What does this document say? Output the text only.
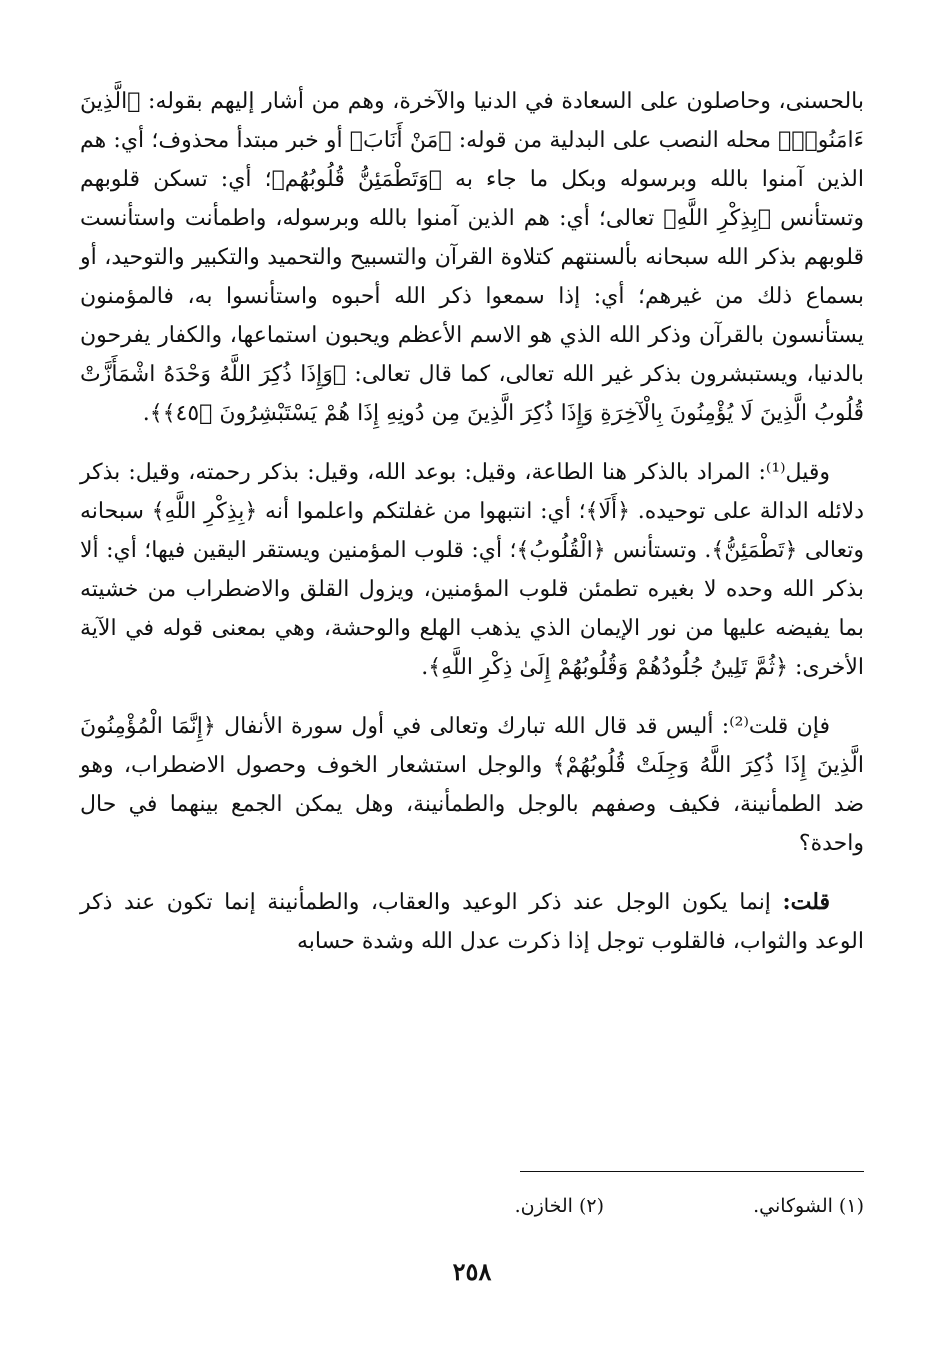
بالحسنى، وحاصلون على السعادة في الدنيا والآخرة، وهم من أشار إليهم بقوله: ﴿الَّذِينَ ءَامَنُوا۟﴾ محله النصب على البدلية من قوله: ﴿مَنْ أَنَابَ﴾ أو خبر مبتدأ محذوف؛ أي: هم الذين آمنوا بالله وبرسوله وبكل ما جاء به ﴿وَتَطْمَئِنُّ قُلُوبُهُم﴾؛ أي: تسكن قلوبهم وتستأنس ﴿بِذِكْرِ اللَّهِ﴾ تعالى؛ أي: هم الذين آمنوا بالله وبرسوله، واطمأنت واستأنست قلوبهم بذكر الله سبحانه بألسنتهم كتلاوة القرآن والتسبيح والتحميد والتكبير والتوحيد، أو بسماع ذلك من غيرهم؛ أي: إذا سمعوا ذكر الله أحبوه واستأنسوا به، فالمؤمنون يستأنسون بالقرآن وذكر الله الذي هو الاسم الأعظم ويحبون استماعها، والكفار يفرحون بالدنيا، ويستبشرون بذكر غير الله تعالى، كما قال تعالى: ﴿وَإِذَا ذُكِرَ اللَّهُ وَحْدَهُ اشْمَأَزَّتْ قُلُوبُ الَّذِينَ لَا يُؤْمِنُونَ بِالْآخِرَةِ وَإِذَا ذُكِرَ الَّذِينَ مِن دُونِهِ إِذَا هُمْ يَسْتَبْشِرُونَ ﴿٤٥﴾﴾.

وقيل⁽¹⁾: المراد بالذكر هنا الطاعة، وقيل: بوعد الله، وقيل: بذكر رحمته، وقيل: بذكر دلائله الدالة على توحيده. ﴿أَلَا﴾؛ أي: انتبهوا من غفلتكم واعلموا أنه ﴿بِذِكْرِ اللَّهِ﴾ سبحانه وتعالى ﴿تَطْمَئِنُّ﴾. وتستأنس ﴿الْقُلُوبُ﴾؛ أي: قلوب المؤمنين ويستقر اليقين فيها؛ أي: ألا بذكر الله وحده لا بغيره تطمئن قلوب المؤمنين، ويزول القلق والاضطراب من خشيته بما يفيضه عليها من نور الإيمان الذي يذهب الهلع والوحشة، وهي بمعنى قوله في الآية الأخرى: ﴿ثُمَّ تَلِينُ جُلُودُهُمْ وَقُلُوبُهُمْ إِلَىٰ ذِكْرِ اللَّهِ﴾.

فإن قلت⁽²⁾: أليس قد قال الله تبارك وتعالى في أول سورة الأنفال ﴿إِنَّمَا الْمُؤْمِنُونَ الَّذِينَ إِذَا ذُكِرَ اللَّهُ وَجِلَتْ قُلُوبُهُمْ﴾ والوجل استشعار الخوف وحصول الاضطراب، وهو ضد الطمأنينة، فكيف وصفهم بالوجل والطمأنينة، وهل يمكن الجمع بينهما في حال واحدة؟

قلت: إنما يكون الوجل عند ذكر الوعيد والعقاب، والطمأنينة إنما تكون عند ذكر الوعد والثواب، فالقلوب توجل إذا ذكرت عدل الله وشدة حسابه

(١) الشوكاني.
(٢) الخازن.
٢٥٨
